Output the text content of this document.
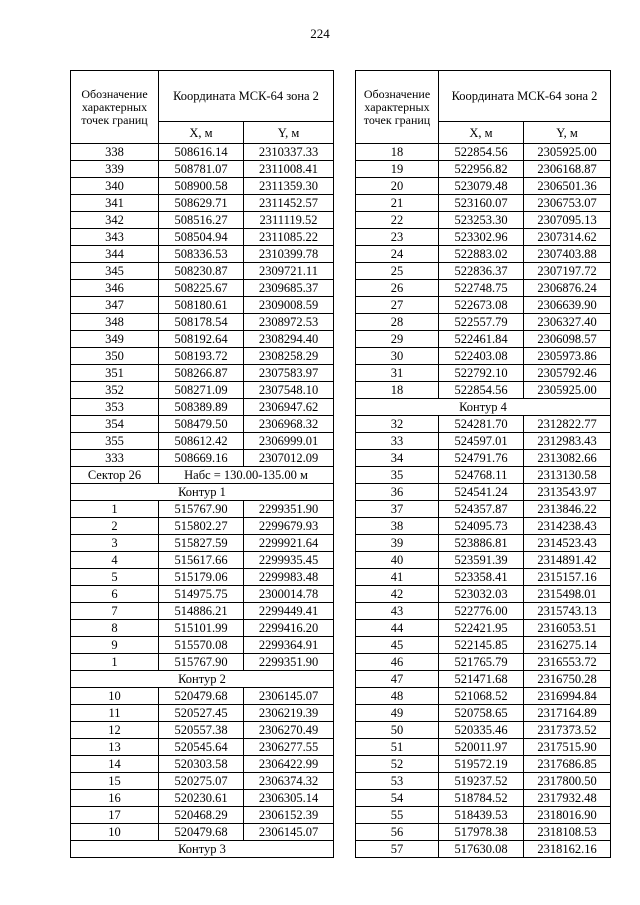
224
Обозначение характерных точек границ	Координата МСК-64 зона 2	
	X, м	Y, м
338	508616.14	2310337.33
339	508781.07	2311008.41
340	508900.58	2311359.30
341	508629.71	2311452.57
342	508516.27	2311119.52
343	508504.94	2311085.22
344	508336.53	2310399.78
345	508230.87	2309721.11
346	508225.67	2309685.37
347	508180.61	2309008.59
348	508178.54	2308972.53
349	508192.64	2308294.40
350	508193.72	2308258.29
351	508266.87	2307583.97
352	508271.09	2307548.10
353	508389.89	2306947.62
354	508479.50	2306968.32
355	508612.42	2306999.01
333	508669.16	2307012.09
Сектор 26	Набс = 130.00-135.00 м	
Контур 1		
1	515767.90	2299351.90
2	515802.27	2299679.93
3	515827.59	2299921.64
4	515617.66	2299935.45
5	515179.06	2299983.48
6	514975.75	2300014.78
7	514886.21	2299449.41
8	515101.99	2299416.20
9	515570.08	2299364.91
1	515767.90	2299351.90
Контур 2		
10	520479.68	2306145.07
11	520527.45	2306219.39
12	520557.38	2306270.49
13	520545.64	2306277.55
14	520303.58	2306422.99
15	520275.07	2306374.32
16	520230.61	2306305.14
17	520468.29	2306152.39
10	520479.68	2306145.07
Контур 3		
Обозначение характерных точек границ	Координата МСК-64 зона 2	
	X, м	Y, м
18	522854.56	2305925.00
19	522956.82	2306168.87
20	523079.48	2306501.36
21	523160.07	2306753.07
22	523253.30	2307095.13
23	523302.96	2307314.62
24	522883.02	2307403.88
25	522836.37	2307197.72
26	522748.75	2306876.24
27	522673.08	2306639.90
28	522557.79	2306327.40
29	522461.84	2306098.57
30	522403.08	2305973.86
31	522792.10	2305792.46
18	522854.56	2305925.00
Контур 4		
32	524281.70	2312822.77
33	524597.01	2312983.43
34	524791.76	2313082.66
35	524768.11	2313130.58
36	524541.24	2313543.97
37	524357.87	2313846.22
38	524095.73	2314238.43
39	523886.81	2314523.43
40	523591.39	2314891.42
41	523358.41	2315157.16
42	523032.03	2315498.01
43	522776.00	2315743.13
44	522421.95	2316053.51
45	522145.85	2316275.14
46	521765.79	2316553.72
47	521471.68	2316750.28
48	521068.52	2316994.84
49	520758.65	2317164.89
50	520335.46	2317373.52
51	520011.97	2317515.90
52	519572.19	2317686.85
53	519237.52	2317800.50
54	518784.52	2317932.48
55	518439.53	2318016.90
56	517978.38	2318108.53
57	517630.08	2318162.16
